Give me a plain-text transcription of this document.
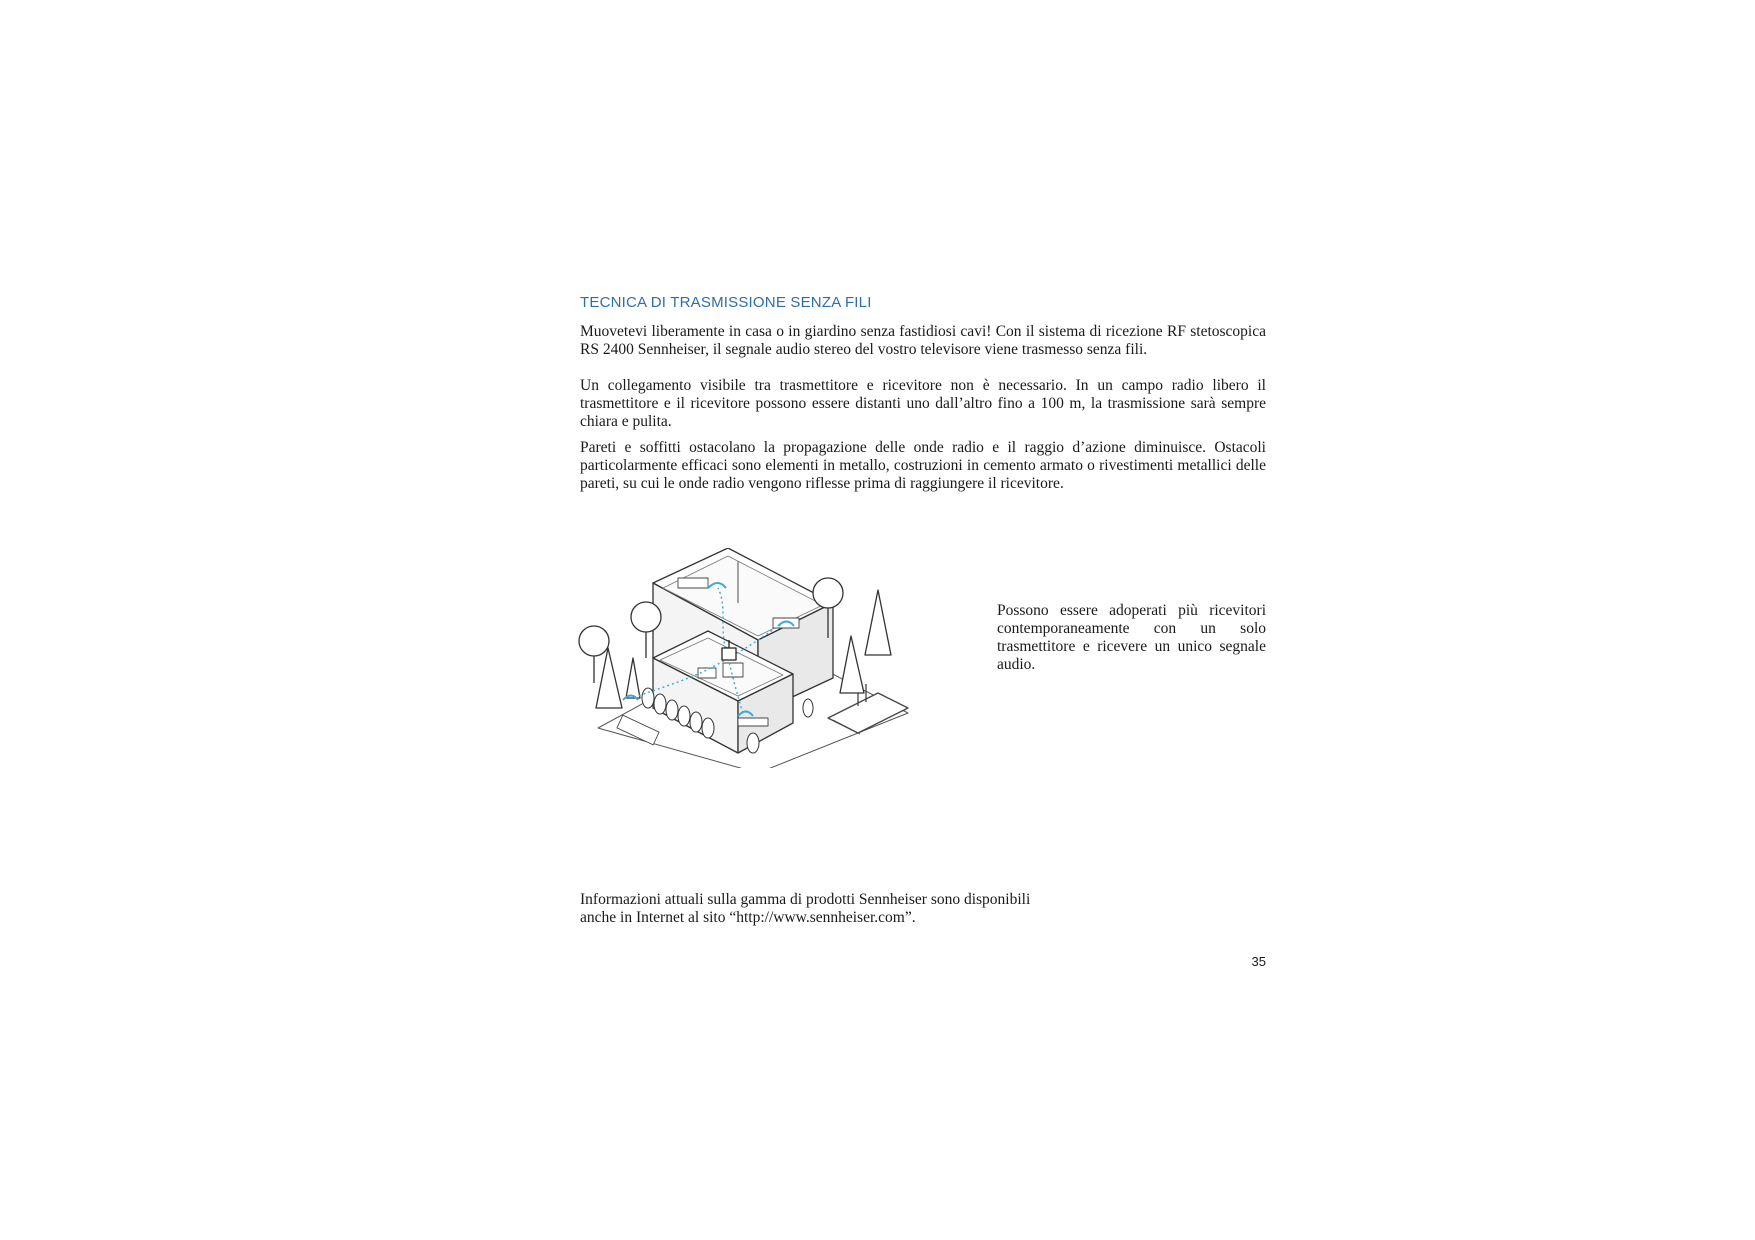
TECNICA DI TRASMISSIONE SENZA FILI

Muovetevi liberamente in casa o in giardino senza fastidiosi cavi! Con il sistema di ricezione RF stetoscopica RS 2400 Sennheiser, il segnale audio stereo del vostro televisore viene trasmesso senza fili.

Un collegamento visibile tra trasmettitore e ricevitore non è necessario. In un campo radio libero il trasmettitore e il ricevitore possono essere distanti uno dall’altro fino a 100 m, la trasmissione sarà sempre chiara e pulita.

Pareti e soffitti ostacolano la propagazione delle onde radio e il raggio d’azione diminuisce. Ostacoli particolarmente efficaci sono elementi in metallo, costruzioni in cemento armato o rivestimenti metallici delle pareti, su cui le onde radio vengono riflesse prima di raggiungere il ricevitore.

Possono essere adoperati più ricevitori contemporaneamente con un solo trasmettitore e ricevere un unico segnale audio.

Informazioni attuali sulla gamma di prodotti Sennheiser sono disponibili anche in Internet al sito “http://www.sennheiser.com”.

35
